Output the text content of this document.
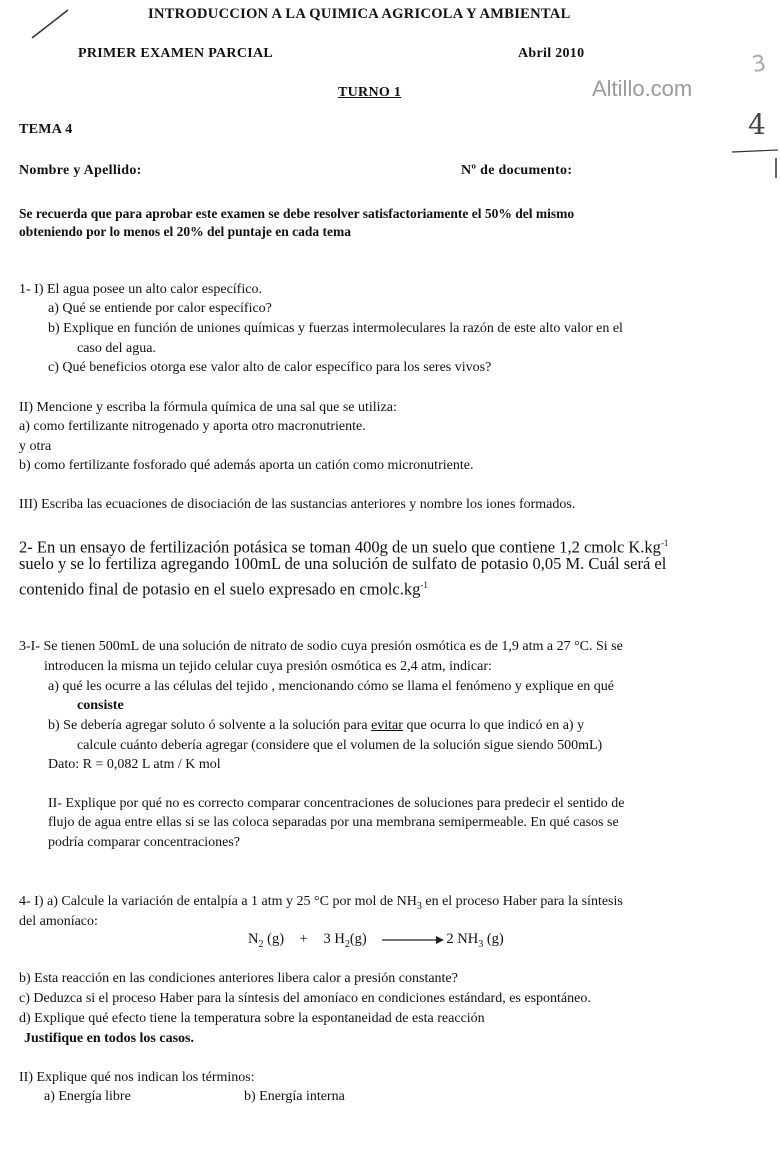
3
4
INTRODUCCION A LA QUIMICA AGRICOLA Y AMBIENTAL
PRIMER EXAMEN PARCIAL	Abril 2010
Altillo.com
TURNO 1
TEMA 4
Nombre y Apellido:	Nº de documento:
Se recuerda que para aprobar este examen se debe resolver satisfactoriamente el 50% del mismo
obteniendo por lo menos el 20% del puntaje en cada tema
1- I) El agua posee un alto calor específico.
a) Qué se entiende por calor específico?
b) Explique en función de uniones químicas y fuerzas intermoleculares la razón de este alto valor en el
caso del agua.
c) Qué beneficios otorga ese valor alto de calor específico para los seres vivos?
II) Mencione y escriba la fórmula química de una sal que se utiliza:
a) como fertilizante nitrogenado y aporta otro macronutriente.
y otra
b) como fertilizante fosforado qué además aporta un catión como micronutriente.
III) Escriba las ecuaciones de disociación de las sustancias anteriores y nombre los iones formados.
2- En un ensayo de fertilización potásica se toman 400g de un suelo que contiene 1,2 cmolc $K.kg^{-1}$
suelo y se lo fertiliza agregando 100mL de una solución de sulfato de potasio 0,05 M. Cuál será el
contenido final de potasio en el suelo expresado en $cmolc.kg^{-1}$
3-I- Se tienen 500mL de una solución de nitrato de sodio cuya presión osmótica es de 1,9 atm a 27 °C. Si se
introducen la misma un tejido celular cuya presión osmótica es 2,4 atm, indicar:
a) qué les ocurre a las células del tejido , mencionando cómo se llama el fenómeno y explique en qué
consiste
b) Se debería agregar soluto ó solvente a la solución para evitar que ocurra lo que indicó en a) y
calcule cuánto debería agregar (considere que el volumen de la solución sigue siendo 500mL)
Dato: R = 0,082 L atm / K mol
II- Explique por qué no es correcto comparar concentraciones de soluciones para predecir el sentido de
flujo de agua entre ellas si se las coloca separadas por una membrana semipermeable. En qué casos se
podría comparar concentraciones?
4- I) a) Calcule la variación de entalpía a 1 atm y 25 °C por mol de $NH_3$ en el proceso Haber para la síntesis
del amoníaco:
$N_2$ (g) + 3 $H_2(g)$	2 $NH_3$ (g)
b) Esta reacción en las condiciones anteriores libera calor a presión constante?
c) Deduzca si el proceso Haber para la síntesis del amoníaco en condiciones estándard, es espontáneo.
d) Explique qué efecto tiene la temperatura sobre la espontaneidad de esta reacción
Justifique en todos los casos.
II) Explique qué nos indican los términos:
a) Energía libre	b) Energía interna
